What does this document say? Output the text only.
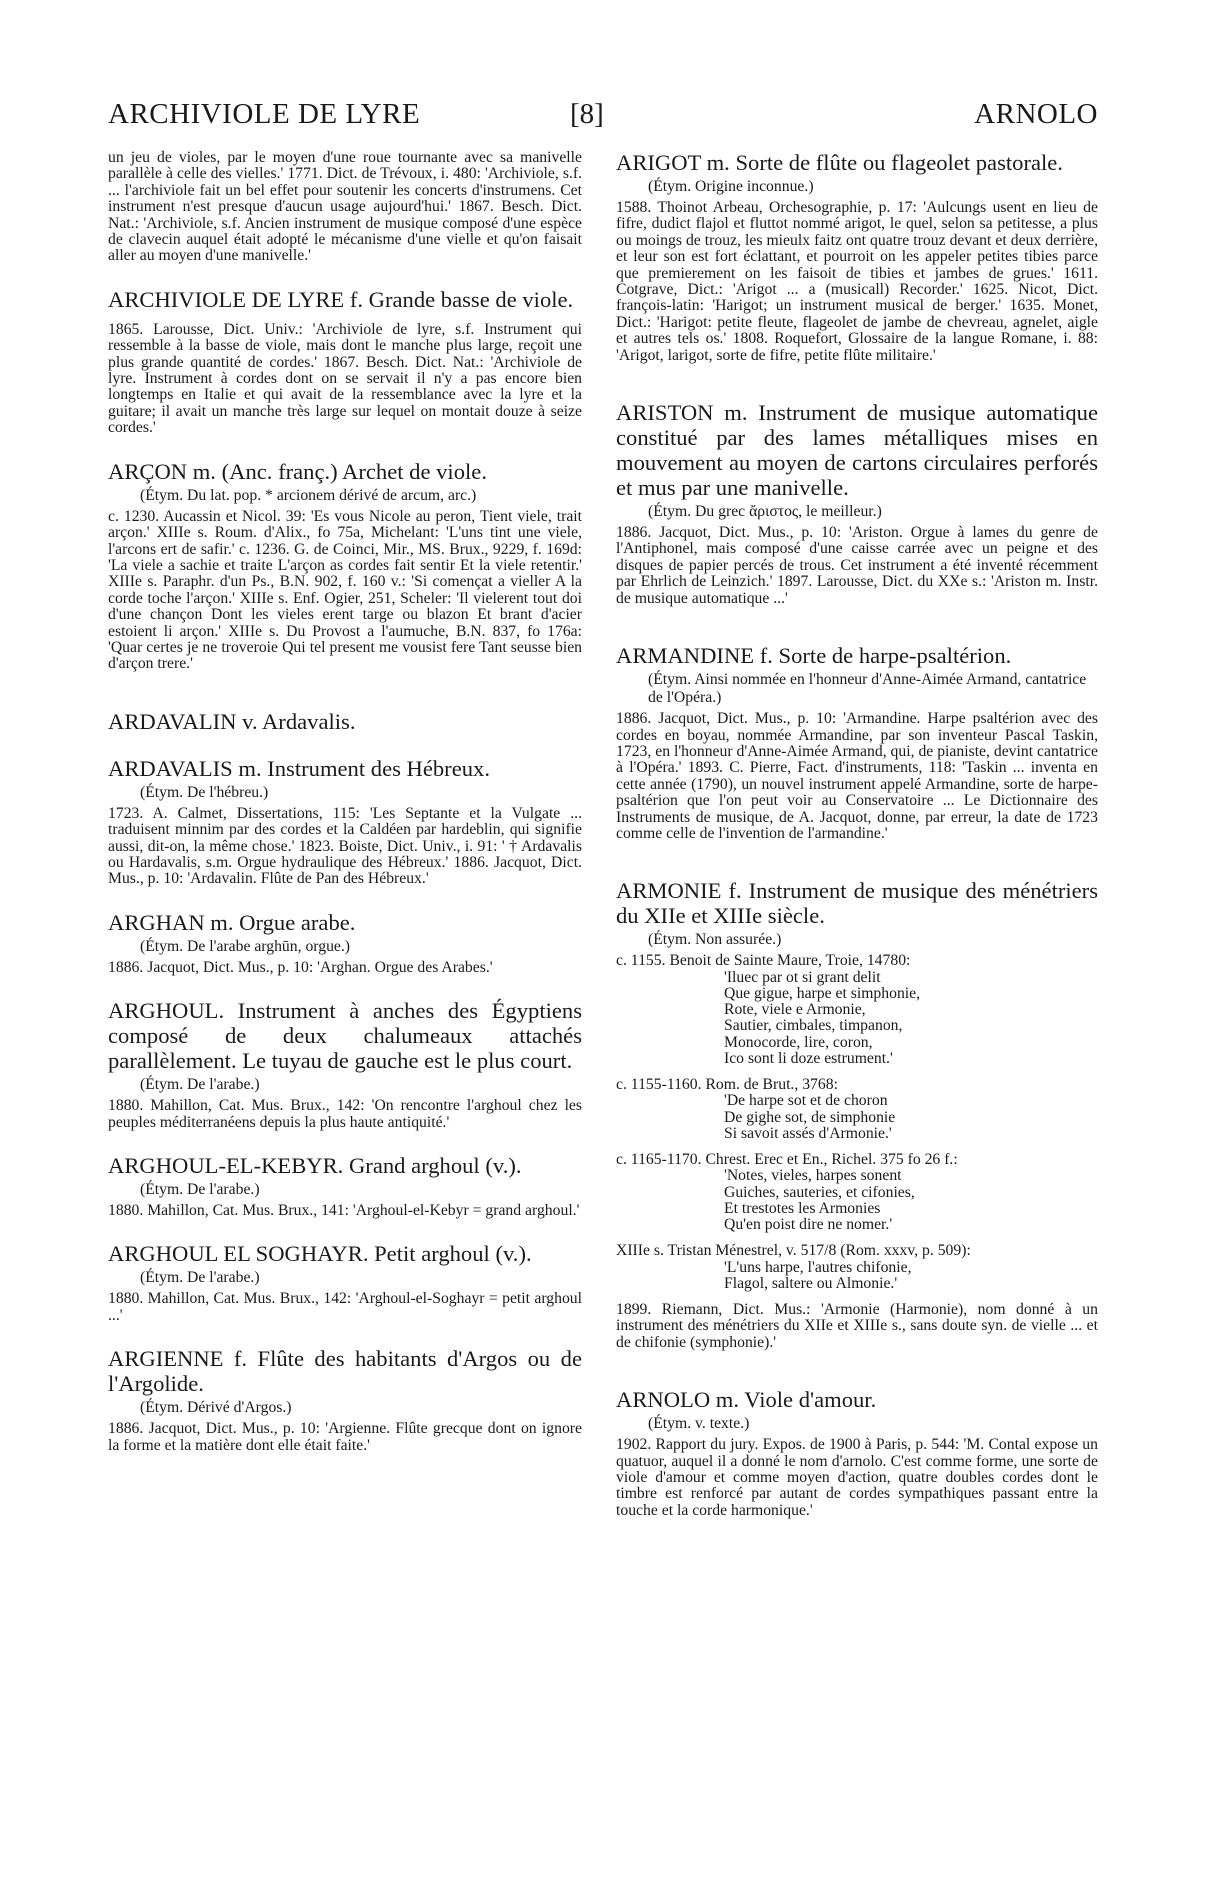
ARCHIVIOLE DE LYRE	[8]	ARNOLO

un jeu de violes, par le moyen d'une roue tournante avec sa manivelle parallèle à celle des vielles.' 1771. Dict. de Trévoux, i. 480: 'Archiviole, s.f. ... l'archiviole fait un bel effet pour soutenir les concerts d'instrumens. Cet instrument n'est presque d'aucun usage aujourd'hui.' 1867. Besch. Dict. Nat.: 'Archiviole, s.f. Ancien instrument de musique composé d'une espèce de clavecin auquel était adopté le mécanisme d'une vielle et qu'on faisait aller au moyen d'une manivelle.'

ARCHIVIOLE DE LYRE f. Grande basse de viole.

1865. Larousse, Dict. Univ.: 'Archiviole de lyre, s.f. Instrument qui ressemble à la basse de viole, mais dont le manche plus large, reçoit une plus grande quantité de cordes.' 1867. Besch. Dict. Nat.: 'Archiviole de lyre. Instrument à cordes dont on se servait il n'y a pas encore bien longtemps en Italie et qui avait de la ressemblance avec la lyre et la guitare; il avait un manche très large sur lequel on montait douze à seize cordes.'

ARÇON m. (Anc. franç.) Archet de viole.

(Étym. Du lat. pop. * arcionem dérivé de arcum, arc.)

c. 1230. Aucassin et Nicol. 39: 'Es vous Nicole au peron, Tient viele, trait arçon.' XIIIe s. Roum. d'Alix., fo 75a, Michelant: 'L'uns tint une viele, l'arcons ert de safir.' c. 1236. G. de Coinci, Mir., MS. Brux., 9229, f. 169d: 'La viele a sachie et traite L'arçon as cordes fait sentir Et la viele retentir.' XIIIe s. Paraphr. d'un Ps., B.N. 902, f. 160 v.: 'Si començat a vieller A la corde toche l'arçon.' XIIIe s. Enf. Ogier, 251, Scheler: 'Il vielerent tout doi d'une chançon Dont les vieles erent targe ou blazon Et brant d'acier estoient li arçon.' XIIIe s. Du Provost a l'aumuche, B.N. 837, fo 176a: 'Quar certes je ne troveroie Qui tel present me vousist fere Tant seusse bien d'arçon trere.'

ARDAVALIN v. Ardavalis.

ARDAVALIS m. Instrument des Hébreux.

(Étym. De l'hébreu.)

1723. A. Calmet, Dissertations, 115: 'Les Septante et la Vulgate ... traduisent minnim par des cordes et la Caldéen par hardeblin, qui signifie aussi, dit-on, la même chose.' 1823. Boiste, Dict. Univ., i. 91: ' † Ardavalis ou Hardavalis, s.m. Orgue hydraulique des Hébreux.' 1886. Jacquot, Dict. Mus., p. 10: 'Ardavalin. Flûte de Pan des Hébreux.'

ARGHAN m. Orgue arabe.

(Étym. De l'arabe arghūn, orgue.)

1886. Jacquot, Dict. Mus., p. 10: 'Arghan. Orgue des Arabes.'

ARGHOUL. Instrument à anches des Égyptiens composé de deux chalumeaux attachés parallèlement. Le tuyau de gauche est le plus court.

(Étym. De l'arabe.)

1880. Mahillon, Cat. Mus. Brux., 142: 'On rencontre l'arghoul chez les peuples méditerranéens depuis la plus haute antiquité.'

ARGHOUL-EL-KEBYR. Grand arghoul (v.).

(Étym. De l'arabe.)

1880. Mahillon, Cat. Mus. Brux., 141: 'Arghoul-el-Kebyr = grand arghoul.'

ARGHOUL EL SOGHAYR. Petit arghoul (v.).

(Étym. De l'arabe.)

1880. Mahillon, Cat. Mus. Brux., 142: 'Arghoul-el-Soghayr = petit arghoul ...'

ARGIENNE f. Flûte des habitants d'Argos ou de l'Argolide.

(Étym. Dérivé d'Argos.)

1886. Jacquot, Dict. Mus., p. 10: 'Argienne. Flûte grecque dont on ignore la forme et la matière dont elle était faite.'

ARIGOT m. Sorte de flûte ou flageolet pastorale.

(Étym. Origine inconnue.)

1588. Thoinot Arbeau, Orchesographie, p. 17: 'Aulcungs usent en lieu de fifre, dudict flajol et fluttot nommé arigot, le quel, selon sa petitesse, a plus ou moings de trouz, les mieulx faitz ont quatre trouz devant et deux derrière, et leur son est fort éclattant, et pourroit on les appeler petites tibies parce que premierement on les faisoit de tibies et jambes de grues.' 1611. Cotgrave, Dict.: 'Arigot ... a (musicall) Recorder.' 1625. Nicot, Dict. françois-latin: 'Harigot; un instrument musical de berger.' 1635. Monet, Dict.: 'Harigot: petite fleute, flageolet de jambe de chevreau, agnelet, aigle et autres tels os.' 1808. Roquefort, Glossaire de la langue Romane, i. 88: 'Arigot, larigot, sorte de fifre, petite flûte militaire.'

ARISTON m. Instrument de musique automatique constitué par des lames métalliques mises en mouvement au moyen de cartons circulaires perforés et mus par une manivelle.

(Étym. Du grec ἄριστος, le meilleur.)

1886. Jacquot, Dict. Mus., p. 10: 'Ariston. Orgue à lames du genre de l'Antiphonel, mais composé d'une caisse carrée avec un peigne et des disques de papier percés de trous. Cet instrument a été inventé récemment par Ehrlich de Leinzich.' 1897. Larousse, Dict. du XXe s.: 'Ariston m. Instr. de musique automatique ...'

ARMANDINE f. Sorte de harpe-psaltérion.

(Étym. Ainsi nommée en l'honneur d'Anne-Aimée Armand, cantatrice de l'Opéra.)

1886. Jacquot, Dict. Mus., p. 10: 'Armandine. Harpe psaltérion avec des cordes en boyau, nommée Armandine, par son inventeur Pascal Taskin, 1723, en l'honneur d'Anne-Aimée Armand, qui, de pianiste, devint cantatrice à l'Opéra.' 1893. C. Pierre, Fact. d'instruments, 118: 'Taskin ... inventa en cette année (1790), un nouvel instrument appelé Armandine, sorte de harpe-psaltérion que l'on peut voir au Conservatoire ... Le Dictionnaire des Instruments de musique, de A. Jacquot, donne, par erreur, la date de 1723 comme celle de l'invention de l'armandine.'

ARMONIE f. Instrument de musique des ménétriers du XIIe et XIIIe siècle.

(Étym. Non assurée.)

c. 1155. Benoit de Sainte Maure, Troie, 14780:

'Iluec par ot si grant delit

Que gigue, harpe et simphonie,

Rote, viele e Armonie,

Sautier, cimbales, timpanon,

Monocorde, lire, coron,

Ico sont li doze estrument.'

c. 1155-1160. Rom. de Brut., 3768:

'De harpe sot et de choron

De gighe sot, de simphonie

Si savoit assés d'Armonie.'

c. 1165-1170. Chrest. Erec et En., Richel. 375 fo 26 f.:

'Notes, vieles, harpes sonent

Guiches, sauteries, et cifonies,

Et trestotes les Armonies

Qu'en poist dire ne nomer.'

XIIIe s. Tristan Ménestrel, v. 517/8 (Rom. xxxv, p. 509):

'L'uns harpe, l'autres chifonie,

Flagol, saltere ou Almonie.'

1899. Riemann, Dict. Mus.: 'Armonie (Harmonie), nom donné à un instrument des ménétriers du XIIe et XIIIe s., sans doute syn. de vielle ... et de chifonie (symphonie).'

ARNOLO m. Viole d'amour.

(Étym. v. texte.)

1902. Rapport du jury. Expos. de 1900 à Paris, p. 544: 'M. Contal expose un quatuor, auquel il a donné le nom d'arnolo. C'est comme forme, une sorte de viole d'amour et comme moyen d'action, quatre doubles cordes dont le timbre est renforcé par autant de cordes sympathiques passant entre la touche et la corde harmonique.'
